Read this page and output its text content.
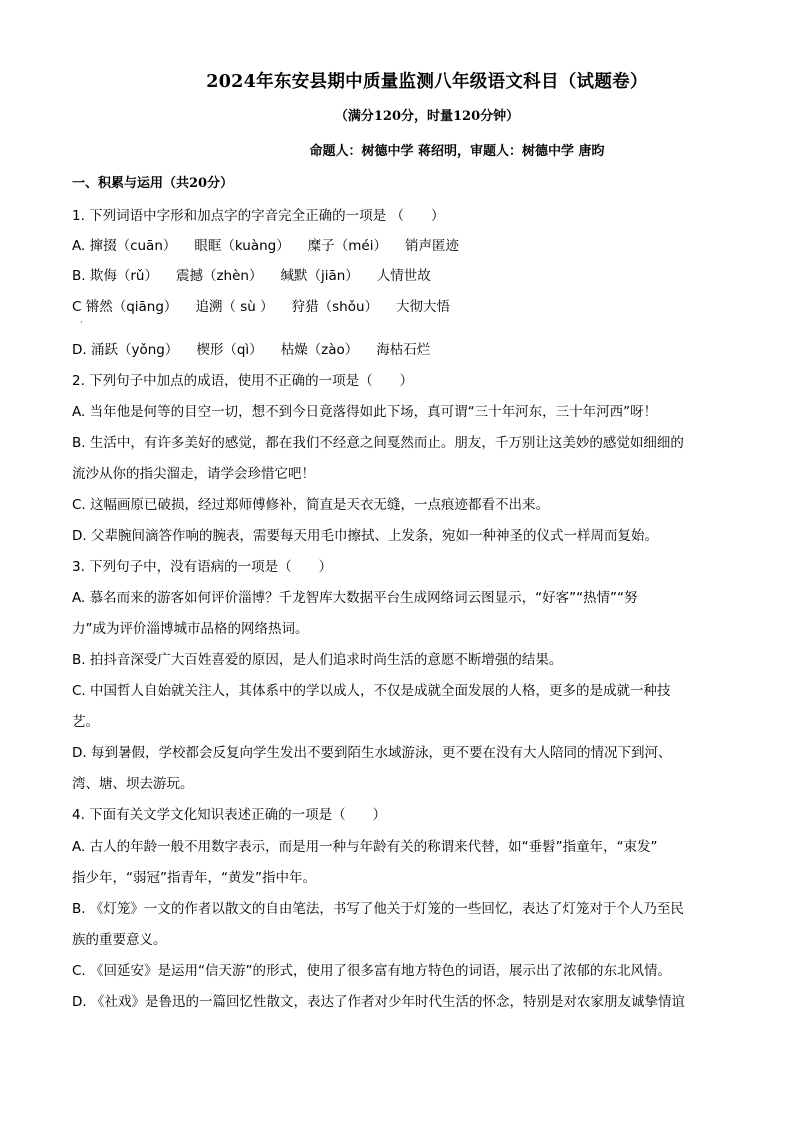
2024年东安县期中质量监测八年级语文科目（试题卷）
（满分120分，时量120分钟）
命题人：树德中学 蒋绍明，审题人：树德中学 唐昀
一、积累与运用（共20分）
1. 下列词语中字形和加点字的字音完全正确的一项是 （　　）
A. 撺掇（cuān） 眼眶（kuàng） 糜子（méi） 销声匿迹
B. 欺侮（rǔ） 震撼（zhèn） 缄默（jiān） 人情世故
C 锵然（qiāng） 追溯（ sù ） 狩猎（shǒu） 大彻大悟
·
D. 涌跃（yǒng） 楔形（qì） 枯燥（zào） 海枯石烂
2. 下列句子中加点的成语，使用不正确的一项是（　　）
A. 当年他是何等的目空一切，想不到今日竟落得如此下场，真可谓“三十年河东，三十年河西”呀！
B. 生活中，有许多美好的感觉，都在我们不经意之间戛然而止。朋友，千万别让这美妙的感觉如细细的
流沙从你的指尖溜走，请学会珍惜它吧！
C. 这幅画原已破损，经过郑师傅修补，简直是天衣无缝，一点痕迹都看不出来。
D. 父辈腕间滴答作响的腕表，需要每天用毛巾擦拭、上发条，宛如一种神圣的仪式一样周而复始。
3. 下列句子中，没有语病的一项是（　　）
A. 慕名而来的游客如何评价淄博？千龙智库大数据平台生成网络词云图显示，“好客”“热情”“努
力”成为评价淄博城市品格的网络热词。
B. 拍抖音深受广大百姓喜爱的原因，是人们追求时尚生活的意愿不断增强的结果。
C. 中国哲人自始就关注人，其体系中的学以成人，不仅是成就全面发展的人格，更多的是成就一种技
艺。
D. 每到暑假，学校都会反复向学生发出不要到陌生水域游泳，更不要在没有大人陪同的情况下到河、
湾、塘、坝去游玩。
4. 下面有关文学文化知识表述正确的一项是（　　）
A. 古人的年龄一般不用数字表示，而是用一种与年龄有关的称谓来代替，如“垂髫”指童年，“束发”
指少年，“弱冠”指青年，“黄发”指中年。
B. 《灯笼》一文的作者以散文的自由笔法，书写了他关于灯笼的一些回忆，表达了灯笼对于个人乃至民
族的重要意义。
C. 《回延安》是运用“信天游”的形式，使用了很多富有地方特色的词语，展示出了浓郁的东北风情。
D. 《社戏》是鲁迅的一篇回忆性散文，表达了作者对少年时代生活的怀念，特别是对农家朋友诚挚情谊
